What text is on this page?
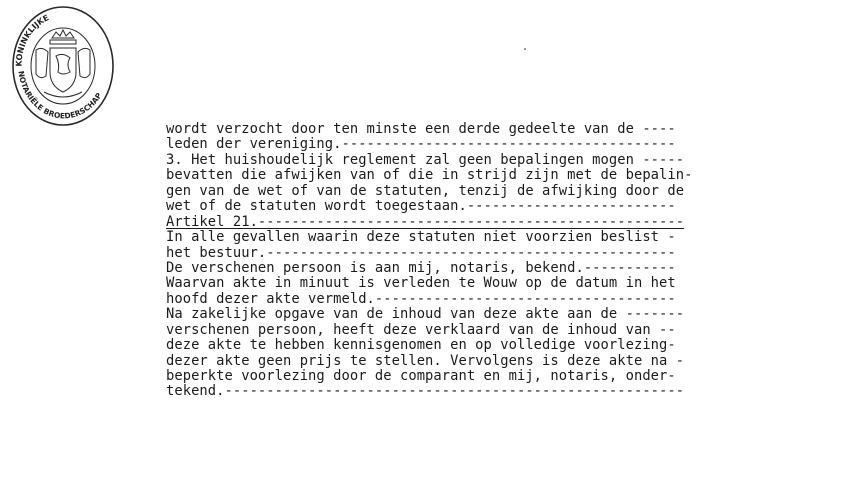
KONINKLIJKE
NOTARIËLE BROEDERSCHAP
wordt verzocht door ten minste een derde gedeelte van de ----
leden der vereniging.----------------------------------------
3. Het huishoudelijk reglement zal geen bepalingen mogen -----
bevatten die afwijken van of die in strijd zijn met de bepalin-
gen van de wet of van de statuten, tenzij de afwijking door de
wet of de statuten wordt toegestaan.-------------------------
Artikel 21.---------------------------------------------------
In alle gevallen waarin deze statuten niet voorzien beslist -
het bestuur.-------------------------------------------------
De verschenen persoon is aan mij, notaris, bekend.-----------
Waarvan akte in minuut is verleden te Wouw op de datum in het
hoofd dezer akte vermeld.------------------------------------
Na zakelijke opgave van de inhoud van deze akte aan de -------
verschenen persoon, heeft deze verklaard van de inhoud van --
deze akte te hebben kennisgenomen en op volledige voorlezing-
dezer akte geen prijs te stellen. Vervolgens is deze akte na -
beperkte voorlezing door de comparant en mij, notaris, onder-
tekend.-------------------------------------------------------
